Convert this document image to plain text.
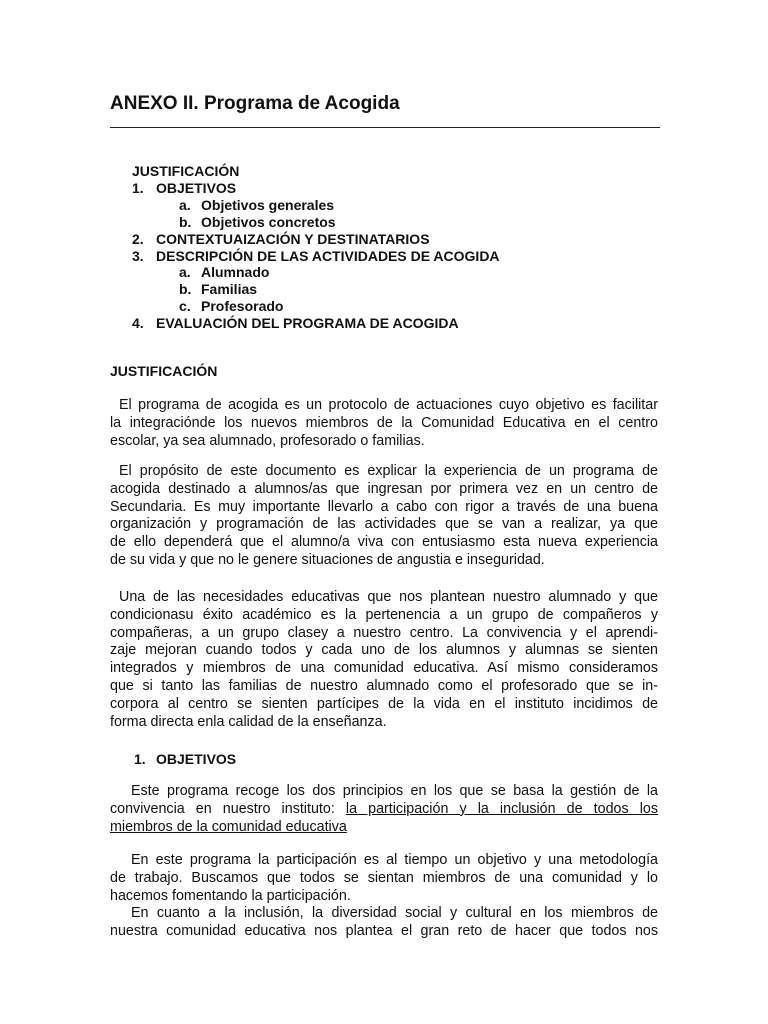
ANEXO II. Programa de Acogida
JUSTIFICACIÓN
1. OBJETIVOS
a. Objetivos generales
b. Objetivos concretos
2. CONTEXTUAIZACIÓN Y DESTINATARIOS
3. DESCRIPCIÓN DE LAS ACTIVIDADES DE ACOGIDA
a. Alumnado
b. Familias
c. Profesorado
4. EVALUACIÓN DEL PROGRAMA DE ACOGIDA
JUSTIFICACIÓN

El programa de acogida es un protocolo de actuaciones cuyo objetivo es facilitar
la integraciónde los nuevos miembros de la Comunidad Educativa en el centro
escolar, ya sea alumnado, profesorado o familias.

El propósito de este documento es explicar la experiencia de un programa de
acogida destinado a alumnos/as que ingresan por primera vez en un centro de
Secundaria. Es muy importante llevarlo a cabo con rigor a través de una buena
organización y programación de las actividades que se van a realizar, ya que
de ello dependerá que el alumno/a viva con entusiasmo esta nueva experiencia
de su vida y que no le genere situaciones de angustia e inseguridad.

Una de las necesidades educativas que nos plantean nuestro alumnado y que
condicionasu éxito académico es la pertenencia a un grupo de compañeros y
compañeras, a un grupo clasey a nuestro centro. La convivencia y el aprendi-
zaje mejoran cuando todos y cada uno de los alumnos y alumnas se sienten
integrados y miembros de una comunidad educativa. Así mismo consideramos
que si tanto las familias de nuestro alumnado como el profesorado que se in-
corpora al centro se sienten partícipes de la vida en el instituto incidimos de
forma directa enla calidad de la enseñanza.

1. OBJETIVOS

Este programa recoge los dos principios en los que se basa la gestión de la
convivencia en nuestro instituto: la participación y la inclusión de todos los
miembros de la comunidad educativa

En este programa la participación es al tiempo un objetivo y una metodología
de trabajo. Buscamos que todos se sientan miembros de una comunidad y lo
hacemos fomentando la participación.
En cuanto a la inclusión, la diversidad social y cultural en los miembros de
nuestra comunidad educativa nos plantea el gran reto de hacer que todos nos
